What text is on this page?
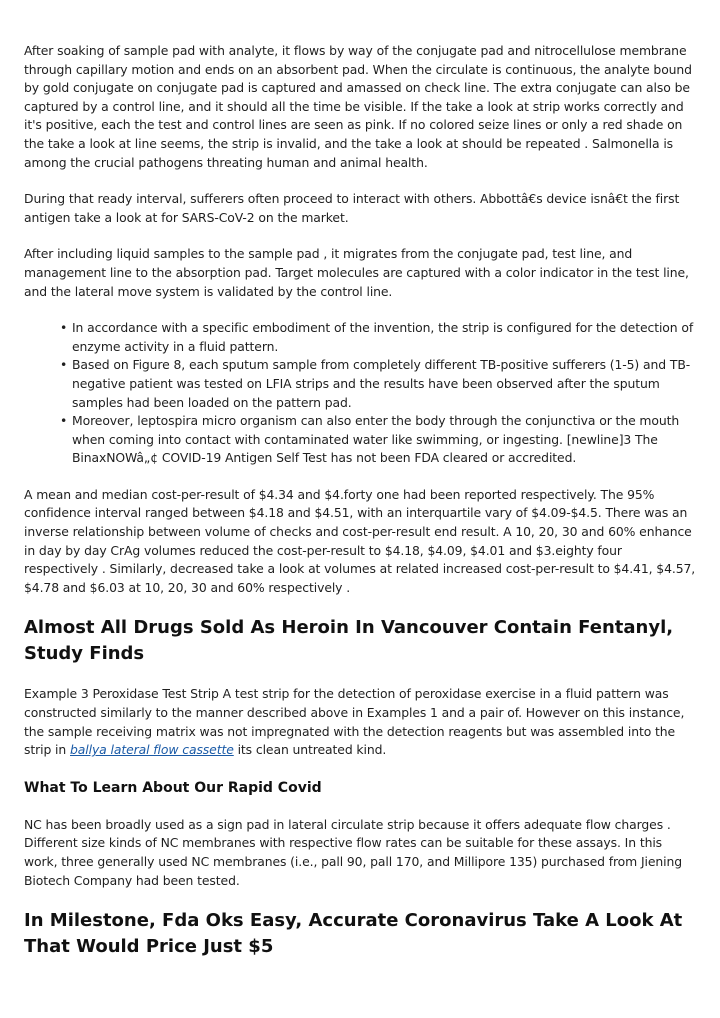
After soaking of sample pad with analyte, it flows by way of the conjugate pad and nitrocellulose membrane through capillary motion and ends on an absorbent pad. When the circulate is continuous, the analyte bound by gold conjugate on conjugate pad is captured and amassed on check line. The extra conjugate can also be captured by a control line, and it should all the time be visible. If the take a look at strip works correctly and it's positive, each the test and control lines are seen as pink. If no colored seize lines or only a red shade on the take a look at line seems, the strip is invalid, and the take a look at should be repeated . Salmonella is among the crucial pathogens threating human and animal health.

During that ready interval, sufferers often proceed to interact with others. Abbottâ€s device isnâ€t the first antigen take a look at for SARS-CoV-2 on the market.

After including liquid samples to the sample pad , it migrates from the conjugate pad, test line, and management line to the absorption pad. Target molecules are captured with a color indicator in the test line, and the lateral move system is validated by the control line.

• In accordance with a specific embodiment of the invention, the strip is configured for the detection of enzyme activity in a fluid pattern.
• Based on Figure 8, each sputum sample from completely different TB-positive sufferers (1-5) and TB-negative patient was tested on LFIA strips and the results have been observed after the sputum samples had been loaded on the pattern pad.
• Moreover, leptospira micro organism can also enter the body through the conjunctiva or the mouth when coming into contact with contaminated water like swimming, or ingesting. [newline]3 The BinaxNOWâ„¢ COVID-19 Antigen Self Test has not been FDA cleared or accredited.

A mean and median cost-per-result of $4.34 and $4.forty one had been reported respectively. The 95% confidence interval ranged between $4.18 and $4.51, with an interquartile vary of $4.09-$4.5. There was an inverse relationship between volume of checks and cost-per-result end result. A 10, 20, 30 and 60% enhance in day by day CrAg volumes reduced the cost-per-result to $4.18, $4.09, $4.01 and $3.eighty four respectively . Similarly, decreased take a look at volumes at related increased cost-per-result to $4.41, $4.57, $4.78 and $6.03 at 10, 20, 30 and 60% respectively .

Almost All Drugs Sold As Heroin In Vancouver Contain Fentanyl, Study Finds

Example 3 Peroxidase Test Strip A test strip for the detection of peroxidase exercise in a fluid pattern was constructed similarly to the manner described above in Examples 1 and a pair of. However on this instance, the sample receiving matrix was not impregnated with the detection reagents but was assembled into the strip in ballya lateral flow cassette its clean untreated kind.

What To Learn About Our Rapid Covid

NC has been broadly used as a sign pad in lateral circulate strip because it offers adequate flow charges . Different size kinds of NC membranes with respective flow rates can be suitable for these assays. In this work, three generally used NC membranes (i.e., pall 90, pall 170, and Millipore 135) purchased from Jiening Biotech Company had been tested.

In Milestone, Fda Oks Easy, Accurate Coronavirus Take A Look At That Would Price Just $5
